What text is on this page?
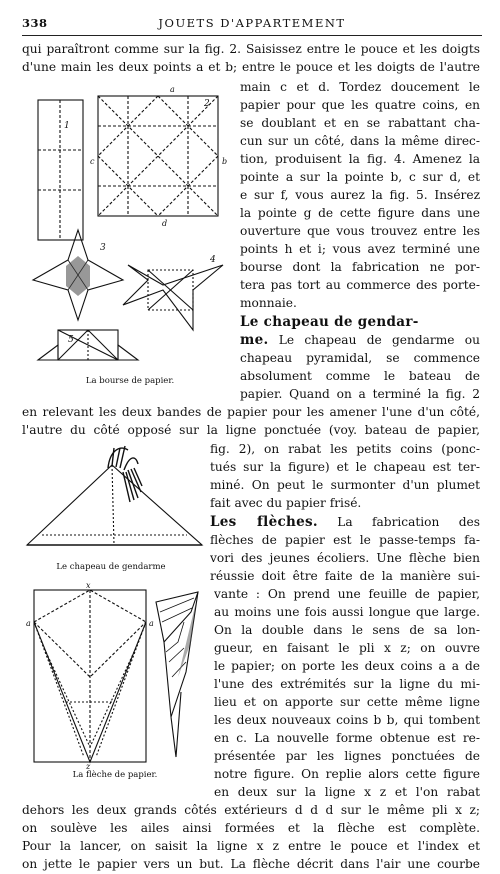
338	JOUETS D'APPARTEMENT
qui paraîtront comme sur la fig. 2. Saisissez entre le pouce et les doigts
d'une main les deux points a et b; entre le pouce et les doigts de l'autre
main c et d. Tordez doucement le
papier pour que les quatre coins, en
se doublant et en se rabattant cha-
cun sur un côté, dans la même direc-
tion, produisent la fig. 4. Amenez la
pointe a sur la pointe b, c sur d, et
e sur f, vous aurez la fig. 5. Insérez
la pointe g de cette figure dans une
ouverture que vous trouvez entre les
points h et i; vous avez terminé une
bourse dont la fabrication ne por-
tera pas tort au commerce des porte-
monnaie.
Le chapeau de gendar-
me. Le chapeau de gendarme ou
chapeau pyramidal, se commence
absolument comme le bateau de
papier. Quand on a terminé la fig. 2
en relevant les deux bandes de papier pour les amener l'une d'un côté,
l'autre du côté opposé sur la ligne ponctuée (voy. bateau de papier,
fig. 2), on rabat les petits coins (ponc-
tués sur la figure) et le chapeau est ter-
miné. On peut le surmonter d'un plumet
fait avec du papier frisé.
Les flèches. La fabrication des
flèches de papier est le passe-temps fa-
vori des jeunes écoliers. Une flèche bien
réussie doit être faite de la manière sui-
vante : On prend une feuille de papier,
au moins une fois aussi longue que large.
On la double dans le sens de sa lon-
gueur, en faisant le pli x z; on ouvre
le papier; on porte les deux coins a a de
l'une des extrémités sur la ligne du mi-
lieu et on apporte sur cette même ligne
les deux nouveaux coins b b, qui tombent
en c. La nouvelle forme obtenue est re-
présentée par les lignes ponctuées de
notre figure. On replie alors cette figure
en deux sur la ligne x z et l'on rabat
dehors les deux grands côtés extérieurs d d d sur le même pli x z;
on soulève les ailes ainsi formées et la flèche est complète.
Pour la lancer, on saisit la ligne x z entre le pouce et l'index et
on jette le papier vers un but. La flèche décrit dans l'air une courbe
1
a
c	b
d
2
3
4
5
La bourse de papier.
Le chapeau de gendarme
x
z
a	a
La flèche de papier.
